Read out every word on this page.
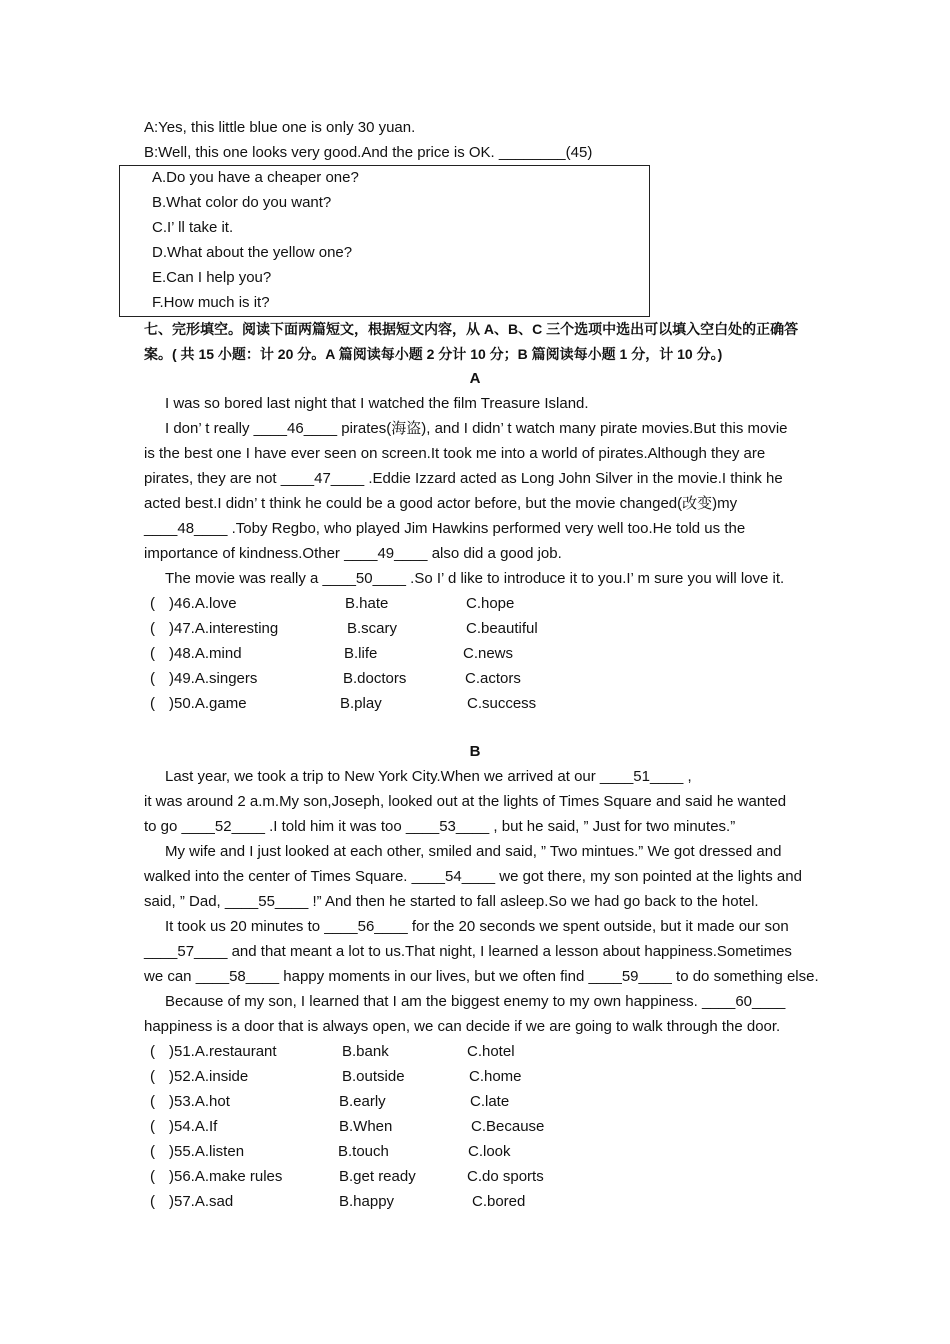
A:Yes, this little blue one is only 30 yuan.
B:Well, this one looks very good.And the price is OK. ________(45)
A.Do you have a cheaper one?
B.What color do you want?
C.I’ ll take it.
D.What about the yellow one?
E.Can I help you?
F.How much is it?
七、完形填空。阅读下面两篇短文，根据短文内容，从 A、B、C 三个选项中选出可以填入空白处的正确答
案。( 共 15 小题：计 20 分。A 篇阅读每小题 2 分计 10 分；B 篇阅读每小题 1 分，计 10 分。)
A
I was so bored last night that I watched the film Treasure Island.
I don’ t really ____46____ pirates(海盗), and I didn’ t watch many pirate movies.But this movie
is the best one I have ever seen on screen.It took me into a world of pirates.Although they are
pirates, they are not ____47____ .Eddie Izzard acted as Long John Silver in the movie.I think he
acted best.I didn’ t think he could be a good actor before, but the movie changed(改变)my
____48____ .Toby Regbo, who played Jim Hawkins performed very well too.He told us the
importance of kindness.Other ____49____ also did a good job.
The movie was really a ____50____ .So I’ d like to introduce it to you.I’ m sure you will love it.
( )46.A.love	B.hate	C.hope
( )47.A.interesting	B.scary	C.beautiful
( )48.A.mind	B.life	C.news
( )49.A.singers	B.doctors	C.actors
( )50.A.game	B.play	C.success
B
Last year, we took a trip to New York City.When we arrived at our ____51____ ,
it was around 2 a.m.My son,Joseph, looked out at the lights of Times Square and said he wanted
to go ____52____ .I told him it was too ____53____ , but he said, ” Just for two minutes.”
My wife and I just looked at each other, smiled and said, ” Two mintues.” We got dressed and
walked into the center of Times Square. ____54____ we got there, my son pointed at the lights and
said, ” Dad, ____55____ !” And then he started to fall asleep.So we had go back to the hotel.
It took us 20 minutes to ____56____ for the 20 seconds we spent outside, but it made our son
____57____ and that meant a lot to us.That night, I learned a lesson about happiness.Sometimes
we can ____58____ happy moments in our lives, but we often find ____59____ to do something else.
Because of my son, I learned that I am the biggest enemy to my own happiness. ____60____
happiness is a door that is always open, we can decide if we are going to walk through the door.
( )51.A.restaurant	B.bank	C.hotel
( )52.A.inside	B.outside	C.home
( )53.A.hot	B.early	C.late
( )54.A.If	B.When	C.Because
( )55.A.listen	B.touch	C.look
( )56.A.make rules	B.get ready	C.do sports
( )57.A.sad	B.happy	C.bored
